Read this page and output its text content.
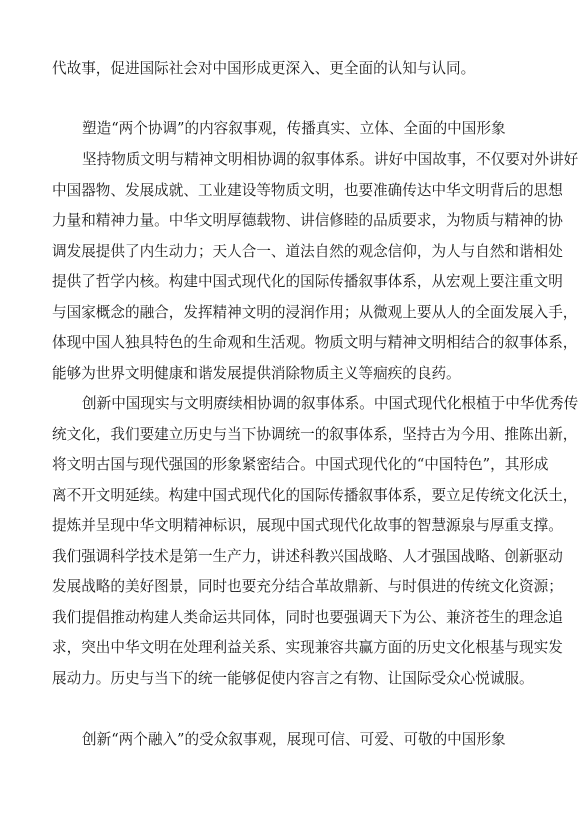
代故事，促进国际社会对中国形成更深入、更全面的认知与认同。
塑造“两个协调”的内容叙事观，传播真实、立体、全面的中国形象
坚持物质文明与精神文明相协调的叙事体系。讲好中国故事，不仅要对外讲好
中国器物、发展成就、工业建设等物质文明，也要准确传达中华文明背后的思想
力量和精神力量。中华文明厚德载物、讲信修睦的品质要求，为物质与精神的协
调发展提供了内生动力；天人合一、道法自然的观念信仰，为人与自然和谐相处
提供了哲学内核。构建中国式现代化的国际传播叙事体系，从宏观上要注重文明
与国家概念的融合，发挥精神文明的浸润作用；从微观上要从人的全面发展入手，
体现中国人独具特色的生命观和生活观。物质文明与精神文明相结合的叙事体系，
能够为世界文明健康和谐发展提供消除物质主义等痼疾的良药。
创新中国现实与文明赓续相协调的叙事体系。中国式现代化根植于中华优秀传
统文化，我们要建立历史与当下协调统一的叙事体系，坚持古为今用、推陈出新，
将文明古国与现代强国的形象紧密结合。中国式现代化的“中国特色”，其形成
离不开文明延续。构建中国式现代化的国际传播叙事体系，要立足传统文化沃土，
提炼并呈现中华文明精神标识，展现中国式现代化故事的智慧源泉与厚重支撑。
我们强调科学技术是第一生产力，讲述科教兴国战略、人才强国战略、创新驱动
发展战略的美好图景，同时也要充分结合革故鼎新、与时俱进的传统文化资源；
我们提倡推动构建人类命运共同体，同时也要强调天下为公、兼济苍生的理念追
求，突出中华文明在处理利益关系、实现兼容共赢方面的历史文化根基与现实发
展动力。历史与当下的统一能够促使内容言之有物、让国际受众心悦诚服。
创新“两个融入”的受众叙事观，展现可信、可爱、可敬的中国形象
